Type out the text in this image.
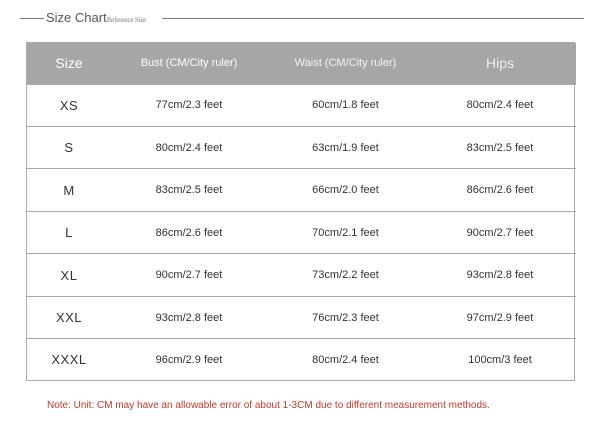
Size ChartReference Size
Size	Bust (CM/City ruler)	Waist (CM/City ruler)	Hips
XS	77cm/2.3 feet	60cm/1.8 feet	80cm/2.4 feet
S	80cm/2.4 feet	63cm/1.9 feet	83cm/2.5 feet
M	83cm/2.5 feet	66cm/2.0 feet	86cm/2.6 feet
L	86cm/2.6 feet	70cm/2.1 feet	90cm/2.7 feet
XL	90cm/2.7 feet	73cm/2.2 feet	93cm/2.8 feet
XXL	93cm/2.8 feet	76cm/2.3 feet	97cm/2.9 feet
XXXL	96cm/2.9 feet	80cm/2.4 feet	100cm/3 feet
Note: Unit: CM may have an allowable error of about 1-3CM due to different measurement methods.
